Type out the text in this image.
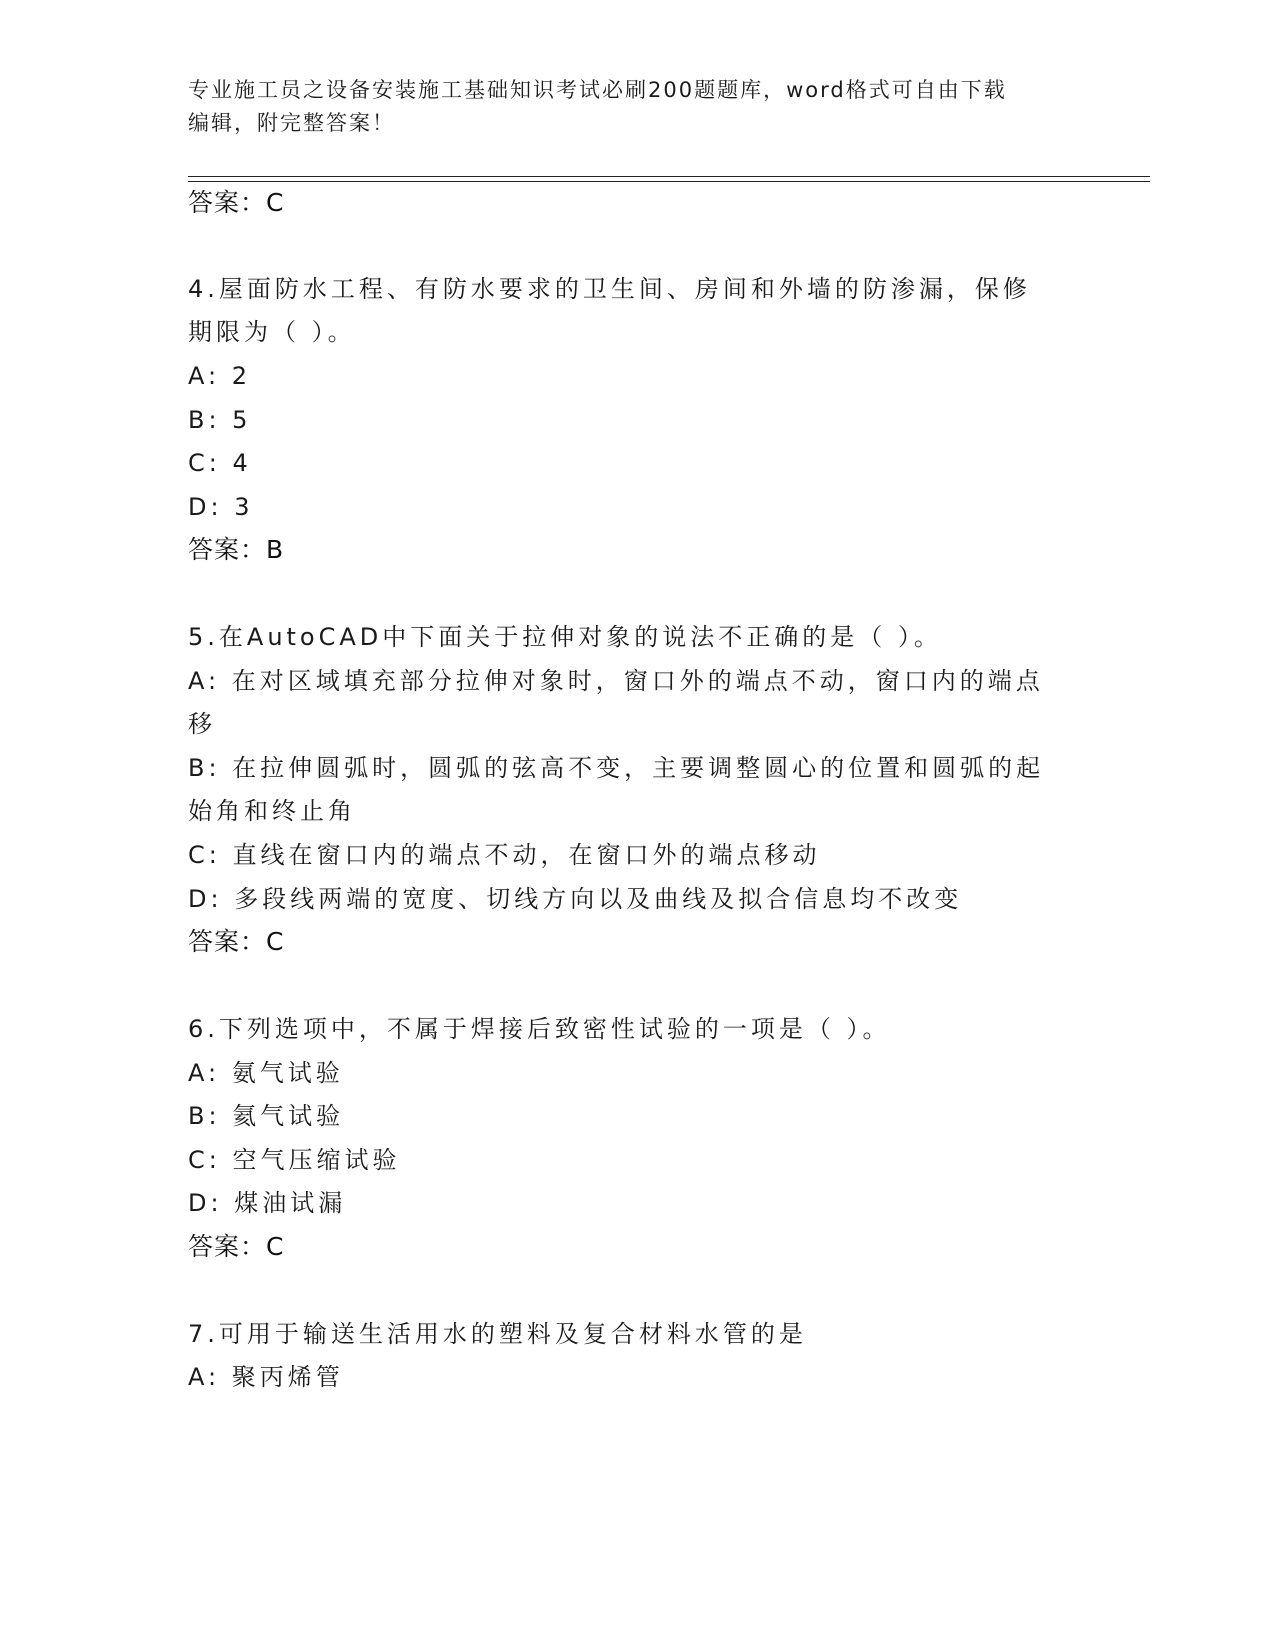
专业施工员之设备安装施工基础知识考试必刷200题题库，word格式可自由下载
编辑，附完整答案！
答案：C
4.屋面防水工程、有防水要求的卫生间、房间和外墙的防渗漏，保修
期限为（ ）。
A: 2
B: 5
C: 4
D: 3
答案：B
5.在AutoCAD中下面关于拉伸对象的说法不正确的是（ ）。
A: 在对区域填充部分拉伸对象时，窗口外的端点不动，窗口内的端点
移
B: 在拉伸圆弧时，圆弧的弦高不变，主要调整圆心的位置和圆弧的起
始角和终止角
C: 直线在窗口内的端点不动，在窗口外的端点移动
D: 多段线两端的宽度、切线方向以及曲线及拟合信息均不改变
答案：C
6.下列选项中，不属于焊接后致密性试验的一项是（ ）。
A: 氨气试验
B: 氦气试验
C: 空气压缩试验
D: 煤油试漏
答案：C
7.可用于输送生活用水的塑料及复合材料水管的是
A: 聚丙烯管
